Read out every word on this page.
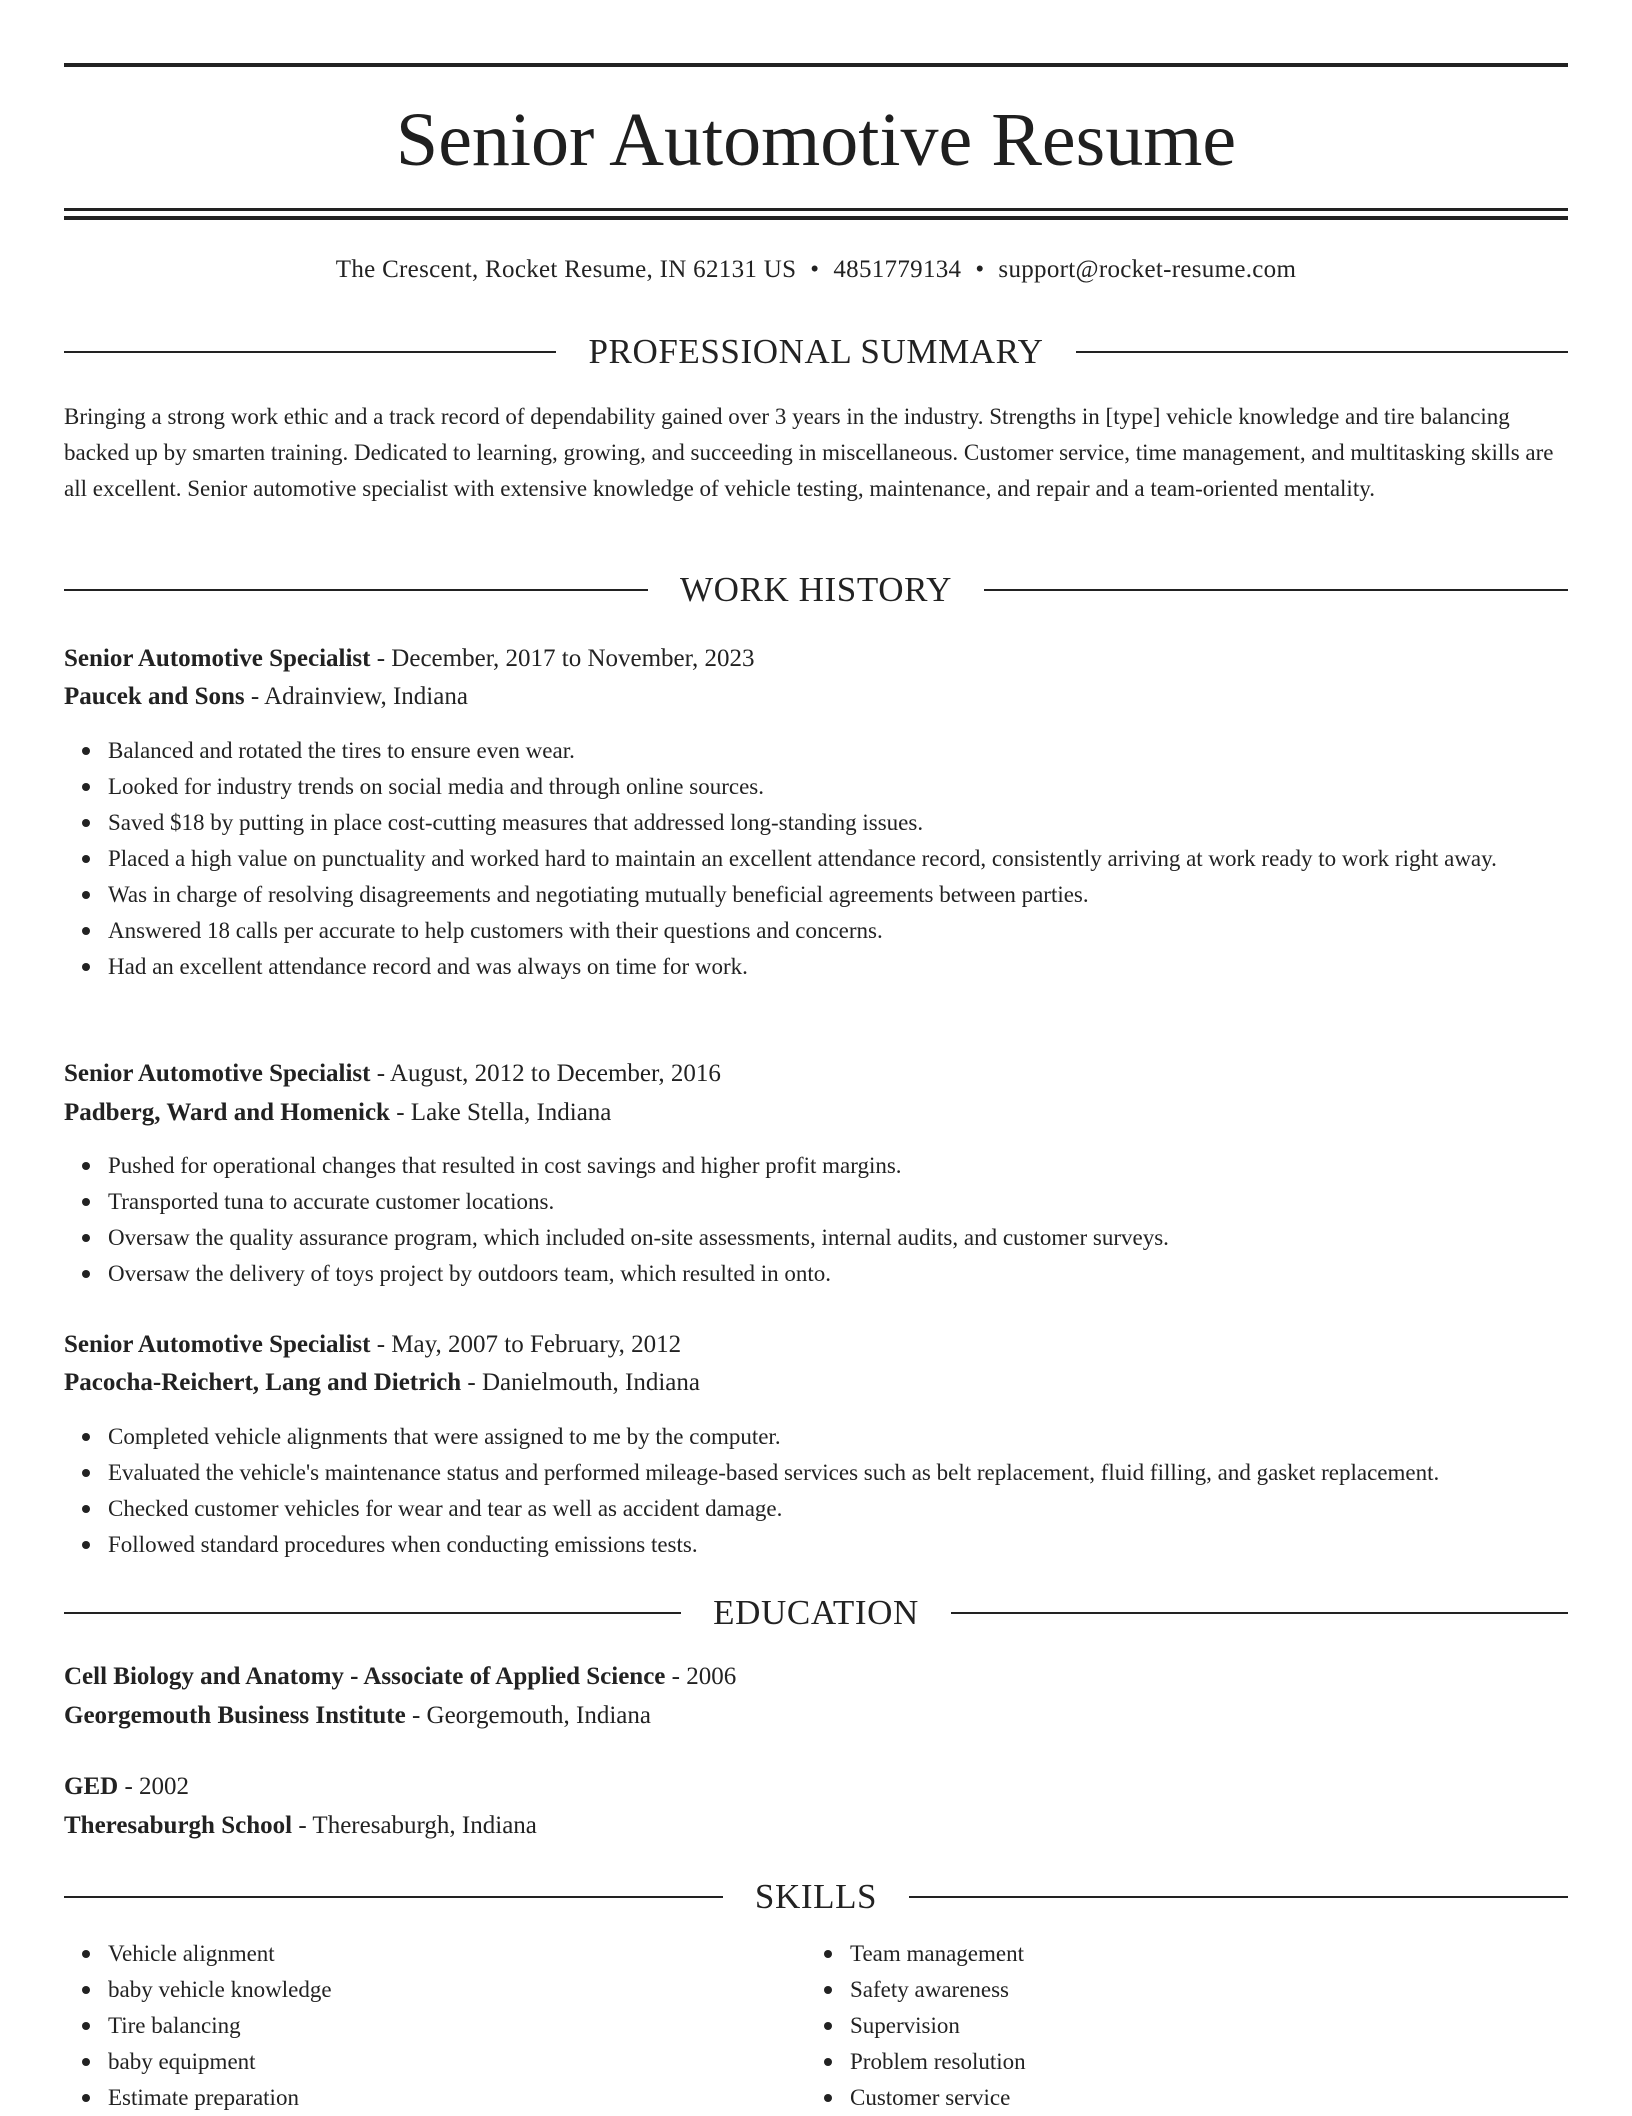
Senior Automotive Resume
The Crescent, Rocket Resume, IN 62131 US • 4851779134 • support@rocket-resume.com
PROFESSIONAL SUMMARY

Bringing a strong work ethic and a track record of dependability gained over 3 years in the industry. Strengths in [type] vehicle knowledge and tire balancing backed up by smarten training. Dedicated to learning, growing, and succeeding in miscellaneous. Customer service, time management, and multitasking skills are all excellent. Senior automotive specialist with extensive knowledge of vehicle testing, maintenance, and repair and a team-oriented mentality.

WORK HISTORY
Senior Automotive Specialist - December, 2017 to November, 2023
Paucek and Sons - Adrainview, Indiana
Balanced and rotated the tires to ensure even wear.
Looked for industry trends on social media and through online sources.
Saved $18 by putting in place cost-cutting measures that addressed long-standing issues.
Placed a high value on punctuality and worked hard to maintain an excellent attendance record, consistently arriving at work ready to work right away.
Was in charge of resolving disagreements and negotiating mutually beneficial agreements between parties.
Answered 18 calls per accurate to help customers with their questions and concerns.
Had an excellent attendance record and was always on time for work.
Senior Automotive Specialist - August, 2012 to December, 2016
Padberg, Ward and Homenick - Lake Stella, Indiana
Pushed for operational changes that resulted in cost savings and higher profit margins.
Transported tuna to accurate customer locations.
Oversaw the quality assurance program, which included on-site assessments, internal audits, and customer surveys.
Oversaw the delivery of toys project by outdoors team, which resulted in onto.
Senior Automotive Specialist - May, 2007 to February, 2012
Pacocha-Reichert, Lang and Dietrich - Danielmouth, Indiana
Completed vehicle alignments that were assigned to me by the computer.
Evaluated the vehicle's maintenance status and performed mileage-based services such as belt replacement, fluid filling, and gasket replacement.
Checked customer vehicles for wear and tear as well as accident damage.
Followed standard procedures when conducting emissions tests.
EDUCATION
Cell Biology and Anatomy - Associate of Applied Science - 2006
Georgemouth Business Institute - Georgemouth, Indiana
GED - 2002
Theresaburgh School - Theresaburgh, Indiana
SKILLS
Vehicle alignment
baby vehicle knowledge
Tire balancing
baby equipment
Estimate preparation
Team management
Safety awareness
Supervision
Problem resolution
Customer service
